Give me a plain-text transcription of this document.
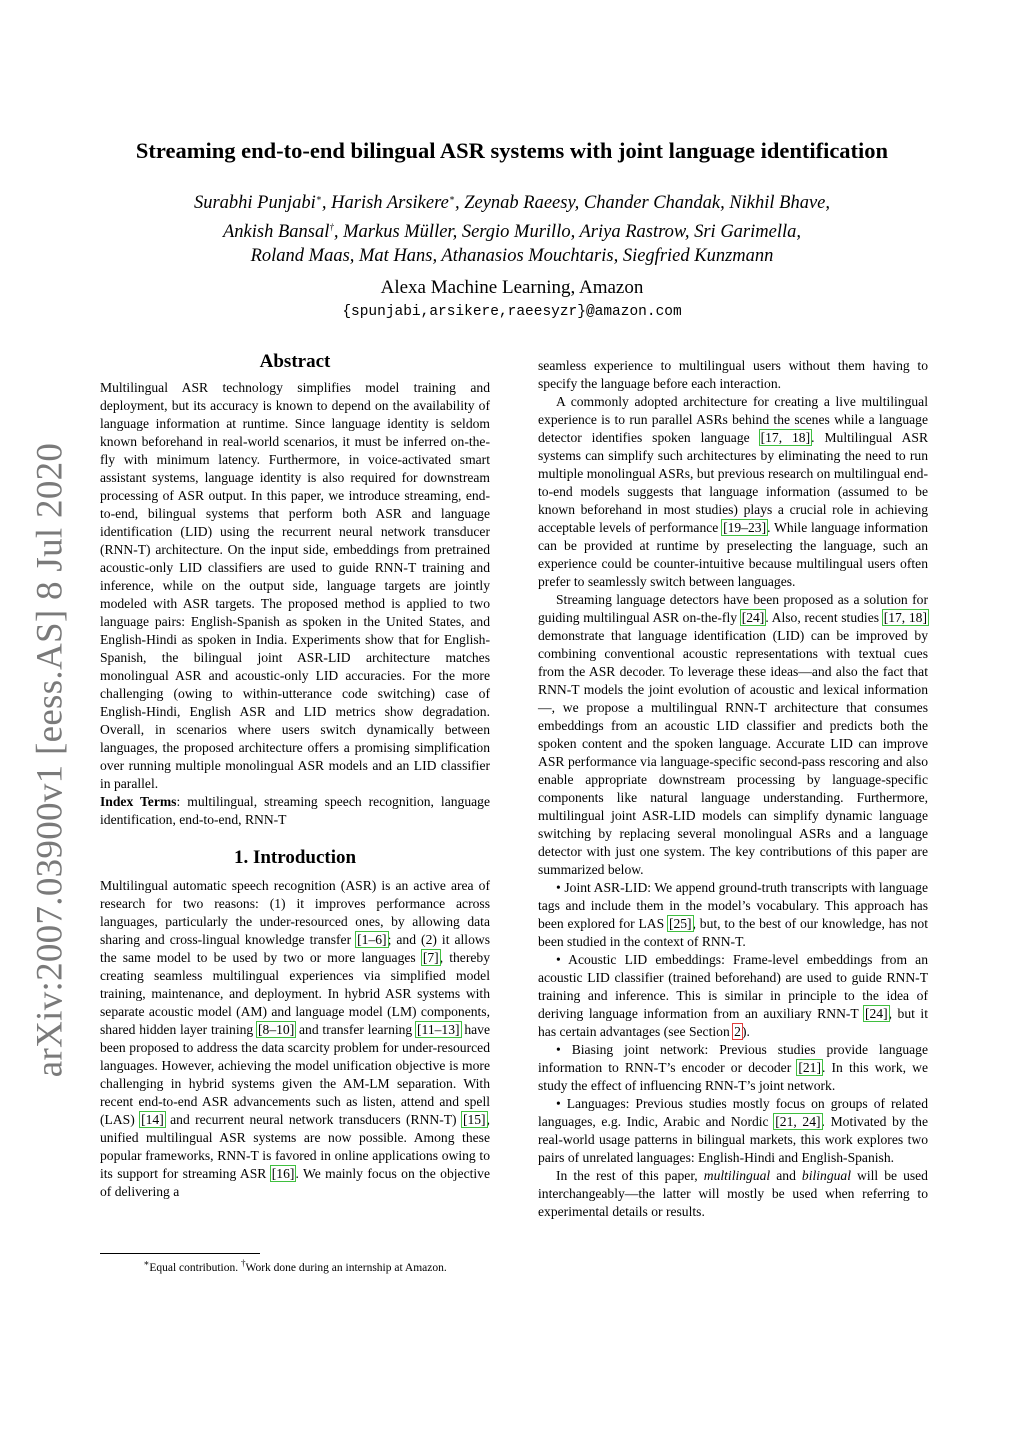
arXiv:2007.03900v1 [eess.AS] 8 Jul 2020
Streaming end-to-end bilingual ASR systems with joint language identification
Surabhi Punjabi∗, Harish Arsikere∗, Zeynab Raeesy, Chander Chandak, Nikhil Bhave,
Ankish Bansal†, Markus Müller, Sergio Murillo, Ariya Rastrow, Sri Garimella,
Roland Maas, Mat Hans, Athanasios Mouchtaris, Siegfried Kunzmann
Alexa Machine Learning, Amazon
{spunjabi,arsikere,raeesyzr}@amazon.com
Abstract

Multilingual ASR technology simplifies model training and deployment, but its accuracy is known to depend on the availability of language information at runtime. Since language identity is seldom known beforehand in real-world scenarios, it must be inferred on-the-fly with minimum latency. Furthermore, in voice-activated smart assistant systems, language identity is also required for downstream processing of ASR output. In this paper, we introduce streaming, end-to-end, bilingual systems that perform both ASR and language identification (LID) using the recurrent neural network transducer (RNN-T) architecture. On the input side, embeddings from pretrained acoustic-only LID classifiers are used to guide RNN-T training and inference, while on the output side, language targets are jointly modeled with ASR targets. The proposed method is applied to two language pairs: English-Spanish as spoken in the United States, and English-Hindi as spoken in India. Experiments show that for English-Spanish, the bilingual joint ASR-LID architecture matches monolingual ASR and acoustic-only LID accuracies. For the more challenging (owing to within-utterance code switching) case of English-Hindi, English ASR and LID metrics show degradation. Overall, in scenarios where users switch dynamically between languages, the proposed architecture offers a promising simplification over running multiple monolingual ASR models and an LID classifier in parallel.

Index Terms: multilingual, streaming speech recognition, language identification, end-to-end, RNN-T

1. Introduction

Multilingual automatic speech recognition (ASR) is an active area of research for two reasons: (1) it improves performance across languages, particularly the under-resourced ones, by allowing data sharing and cross-lingual knowledge transfer [1–6]; and (2) it allows the same model to be used by two or more languages [7], thereby creating seamless multilingual experiences via simplified model training, maintenance, and deployment. In hybrid ASR systems with separate acoustic model (AM) and language model (LM) components, shared hidden layer training [8–10] and transfer learning [11–13] have been proposed to address the data scarcity problem for under-resourced languages. However, achieving the model unification objective is more challenging in hybrid systems given the AM-LM separation. With recent end-to-end ASR advancements such as listen, attend and spell (LAS) [14] and recurrent neural network transducers (RNN-T) [15], unified multilingual ASR systems are now possible. Among these popular frameworks, RNN-T is favored in online applications owing to its support for streaming ASR [16]. We mainly focus on the objective of delivering a

∗Equal contribution. †Work done during an internship at Amazon.

seamless experience to multilingual users without them having to specify the language before each interaction.

A commonly adopted architecture for creating a live multilingual experience is to run parallel ASRs behind the scenes while a language detector identifies spoken language [17, 18]. Multilingual ASR systems can simplify such architectures by eliminating the need to run multiple monolingual ASRs, but previous research on multilingual end-to-end models suggests that language information (assumed to be known beforehand in most studies) plays a crucial role in achieving acceptable levels of performance [19–23]. While language information can be provided at runtime by preselecting the language, such an experience could be counter-intuitive because multilingual users often prefer to seamlessly switch between languages.

Streaming language detectors have been proposed as a solution for guiding multilingual ASR on-the-fly [24]. Also, recent studies [17, 18] demonstrate that language identification (LID) can be improved by combining conventional acoustic representations with textual cues from the ASR decoder. To leverage these ideas—and also the fact that RNN-T models the joint evolution of acoustic and lexical information—, we propose a multilingual RNN-T architecture that consumes embeddings from an acoustic LID classifier and predicts both the spoken content and the spoken language. Accurate LID can improve ASR performance via language-specific second-pass rescoring and also enable appropriate downstream processing by language-specific components like natural language understanding. Furthermore, multilingual joint ASR-LID models can simplify dynamic language switching by replacing several monolingual ASRs and a language detector with just one system. The key contributions of this paper are summarized below.

• Joint ASR-LID: We append ground-truth transcripts with language tags and include them in the model’s vocabulary. This approach has been explored for LAS [25], but, to the best of our knowledge, has not been studied in the context of RNN-T.

• Acoustic LID embeddings: Frame-level embeddings from an acoustic LID classifier (trained beforehand) are used to guide RNN-T training and inference. This is similar in principle to the idea of deriving language information from an auxiliary RNN-T [24], but it has certain advantages (see Section 2).

• Biasing joint network: Previous studies provide language information to RNN-T’s encoder or decoder [21]. In this work, we study the effect of influencing RNN-T’s joint network.

• Languages: Previous studies mostly focus on groups of related languages, e.g. Indic, Arabic and Nordic [21, 24]. Motivated by the real-world usage patterns in bilingual markets, this work explores two pairs of unrelated languages: English-Hindi and English-Spanish.

In the rest of this paper, multilingual and bilingual will be used interchangeably—the latter will mostly be used when referring to experimental details or results.
